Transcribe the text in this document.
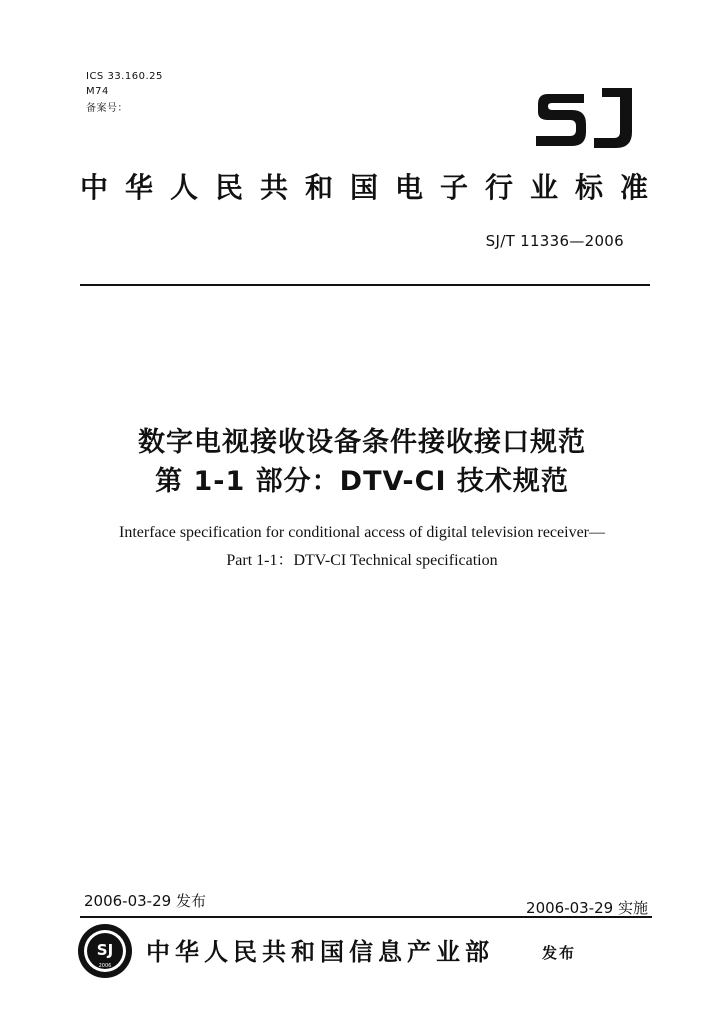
ICS 33.160.25
M74
备案号：
中华人民共和国电子行业标准
SJ/T 11336—2006
数字电视接收设备条件接收接口规范
第 1-1 部分：DTV-CI 技术规范
Interface specification for conditional access of digital television receiver—
Part 1-1：DTV-CI Technical specification
2006-03-29 发布	2006-03-29 实施
SJ
2006 中华人民共和国信息产业部	发布
